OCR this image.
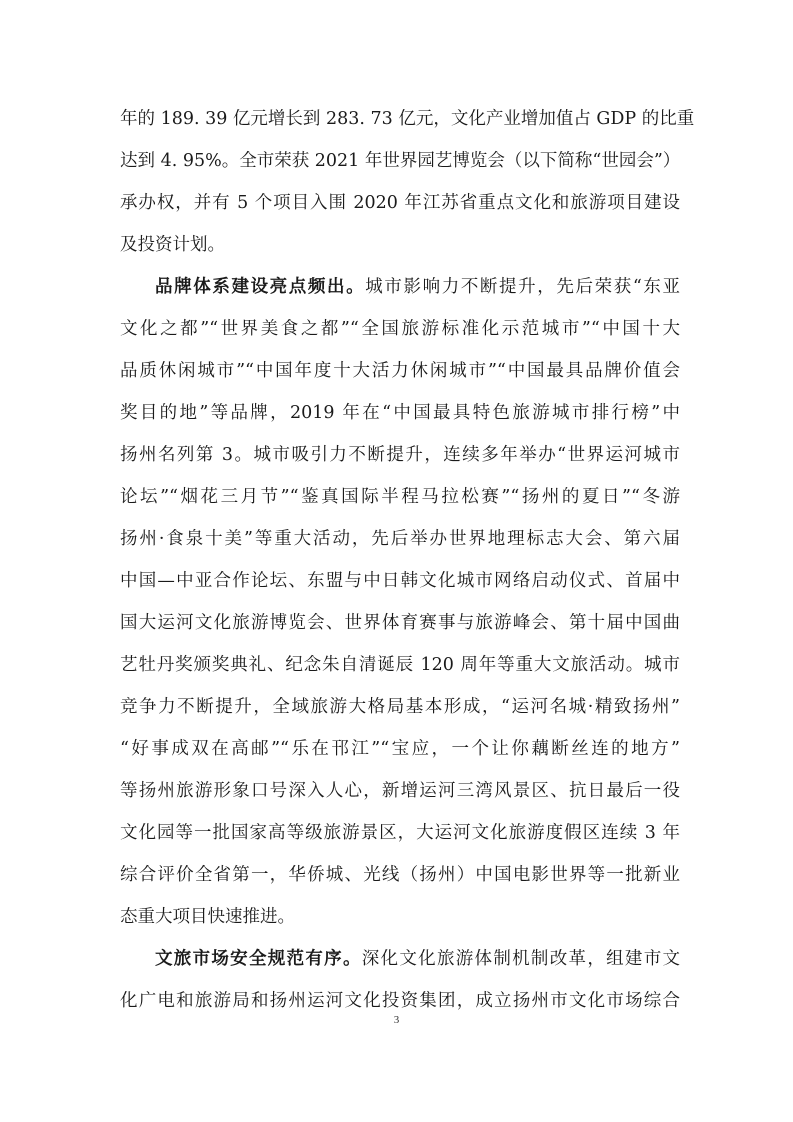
年的 189. 39 亿元增长到 283. 73 亿元，文化产业增加值占 GDP 的比重
达到 4. 95%。全市荣获 2021 年世界园艺博览会（以下简称“世园会”）
承办权，并有 5 个项目入围 2020 年江苏省重点文化和旅游项目建设
及投资计划。
品牌体系建设亮点频出。城市影响力不断提升，先后荣获“东亚
文化之都”“世界美食之都”“全国旅游标准化示范城市”“中国十大
品质休闲城市”“中国年度十大活力休闲城市”“中国最具品牌价值会
奖目的地”等品牌，2019 年在“中国最具特色旅游城市排行榜”中
扬州名列第 3。城市吸引力不断提升，连续多年举办“世界运河城市
论坛”“烟花三月节”“鉴真国际半程马拉松赛”“扬州的夏日”“冬游
扬州·食泉十美”等重大活动，先后举办世界地理标志大会、第六届
中国—中亚合作论坛、东盟与中日韩文化城市网络启动仪式、首届中
国大运河文化旅游博览会、世界体育赛事与旅游峰会、第十届中国曲
艺牡丹奖颁奖典礼、纪念朱自清诞辰 120 周年等重大文旅活动。城市
竞争力不断提升，全域旅游大格局基本形成，“运河名城·精致扬州”
“好事成双在高邮”“乐在邗江”“宝应，一个让你藕断丝连的地方”
等扬州旅游形象口号深入人心，新增运河三湾风景区、抗日最后一役
文化园等一批国家高等级旅游景区，大运河文化旅游度假区连续 3 年
综合评价全省第一，华侨城、光线（扬州）中国电影世界等一批新业
态重大项目快速推进。
文旅市场安全规范有序。深化文化旅游体制机制改革，组建市文
化广电和旅游局和扬州运河文化投资集团，成立扬州市文化市场综合
3
